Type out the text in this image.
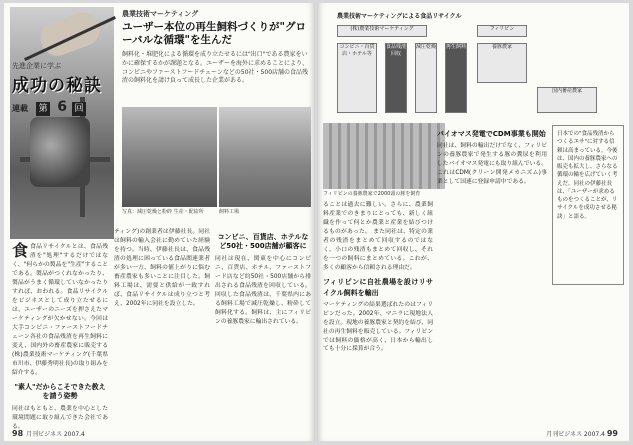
先進企業に学ぶ
成功の秘訣
連載 第 6 回
農業技術マーケティング
ユーザー本位の再生飼料づくりが"グローバルな循環"を生んだ
飼料化・堆肥化による循環を成り立たせるには"出口"である農家をいかに確保するかが課題となる。ユーザーを海外に求めることにより、コンビニやファーストフードチェーンなどの50社・500店舗の食品残渣の飼料化を請け負って成長した企業がある。
写真：減圧乾燥と粉砕 生産・配給所	飼料工場
食 食品リサイクルとは、食品残渣を"処理"するだけではなく、"何らかの製品を"生産"することである。製品がつくれなかったり、製品がうまく循環していなかったりすれば、おわれる。食品リサイクルをビジネスとして成り立たせるには、ユーザーのニーズを押さえたマーケティングが欠かせない。今回は大手コンビニ・ファーストフードチェーン各社の食品残渣を再生飼料に変え、国内外の畜産農家に販売する(株)農業技術マーケティング(千葉県市川市、伊藤秀明社長)の取り組みを紹介する。
"素人"だからこそできた教えを請う姿勢
同社はもともと、農業を中心とした環境問題に取り組んできた会社である。
ティング)の創業者は伊藤社長。同社は飼料の輸入会社に勤めていた経験を持つ。当時、伊藤社長は、食品残渣の処理に困っている食品関連業者が多い一方、飼料の値上がりに悩む畜産農家も多いことに注目した。飼料工場は、需要と供給が一致すれば、食品リサイクルは成り立つと考え、2002年に同社を設立した。
コンビニ、百貨店、ホテルなど50社・500店舗が顧客に
同社は現在、関東を中心にコンビニ、百貨店、ホテル、ファーストフード店など約50社・500店舗から排出される食品残渣を回収している。回収した食品残渣は、千葉県内にある飼料工場で減圧乾燥し、粉砕して飼料化する。飼料は、主にフィリピンの養豚農家に輸出されている。
98 月刊ビジネス 2007.4
農業技術マーケティングによる食品リサイクル
(株)農業技術マーケティング
コンビニ・百貨店・ホテル等
食品残渣回収
減圧乾燥 再生飼料
フィリピン
養豚農家
国内畜産農家
フィリピンの養豚農家で2000頭の豚を飼育
ることは過去に難しい。さらに、農業飼料産業でのきまりにとっても、新しく組織を作って何とか農業と産業を結びつけるものがあった。 また同社は、特定の業者の残渣をまとめて回収するのではなく、小口の残渣もまとめて回収し、それを一つの飼料にまとめている。これが、多くの顧客から信頼される理由だ。
フィリピンに自社農場を設けリサイクル飼料を輸出
マーケティングの結果選ばれたのはフィリピンだった。2002年、マニラに現地法人を設立。現地の養豚農家と契約を結び、同社の再生飼料を販売している。フィリピンでは飼料の価格が高く、日本から輸出しても十分に採算が合う。
バイオマス発電でCDM事業も開始
同社は、飼料の輸出だけでなく、フィリピンの養豚農家で発生する豚の糞尿を利用したバイオマス発電にも取り組んでいる。これはCDM(クリーン開発メカニズム)事業として国連に登録申請中である。
日本での"食品残渣からつくるエサ"に対する信頼は高まっている。今後は、国内の養豚農家への販売も拡大し、さらなる循環の輪を広げていく考えだ。同社の伊藤社長は、「ユーザーが求めるものをつくることが、リサイクルを成功させる秘訣」と語る。
月刊ビジネス 2007.4 99
